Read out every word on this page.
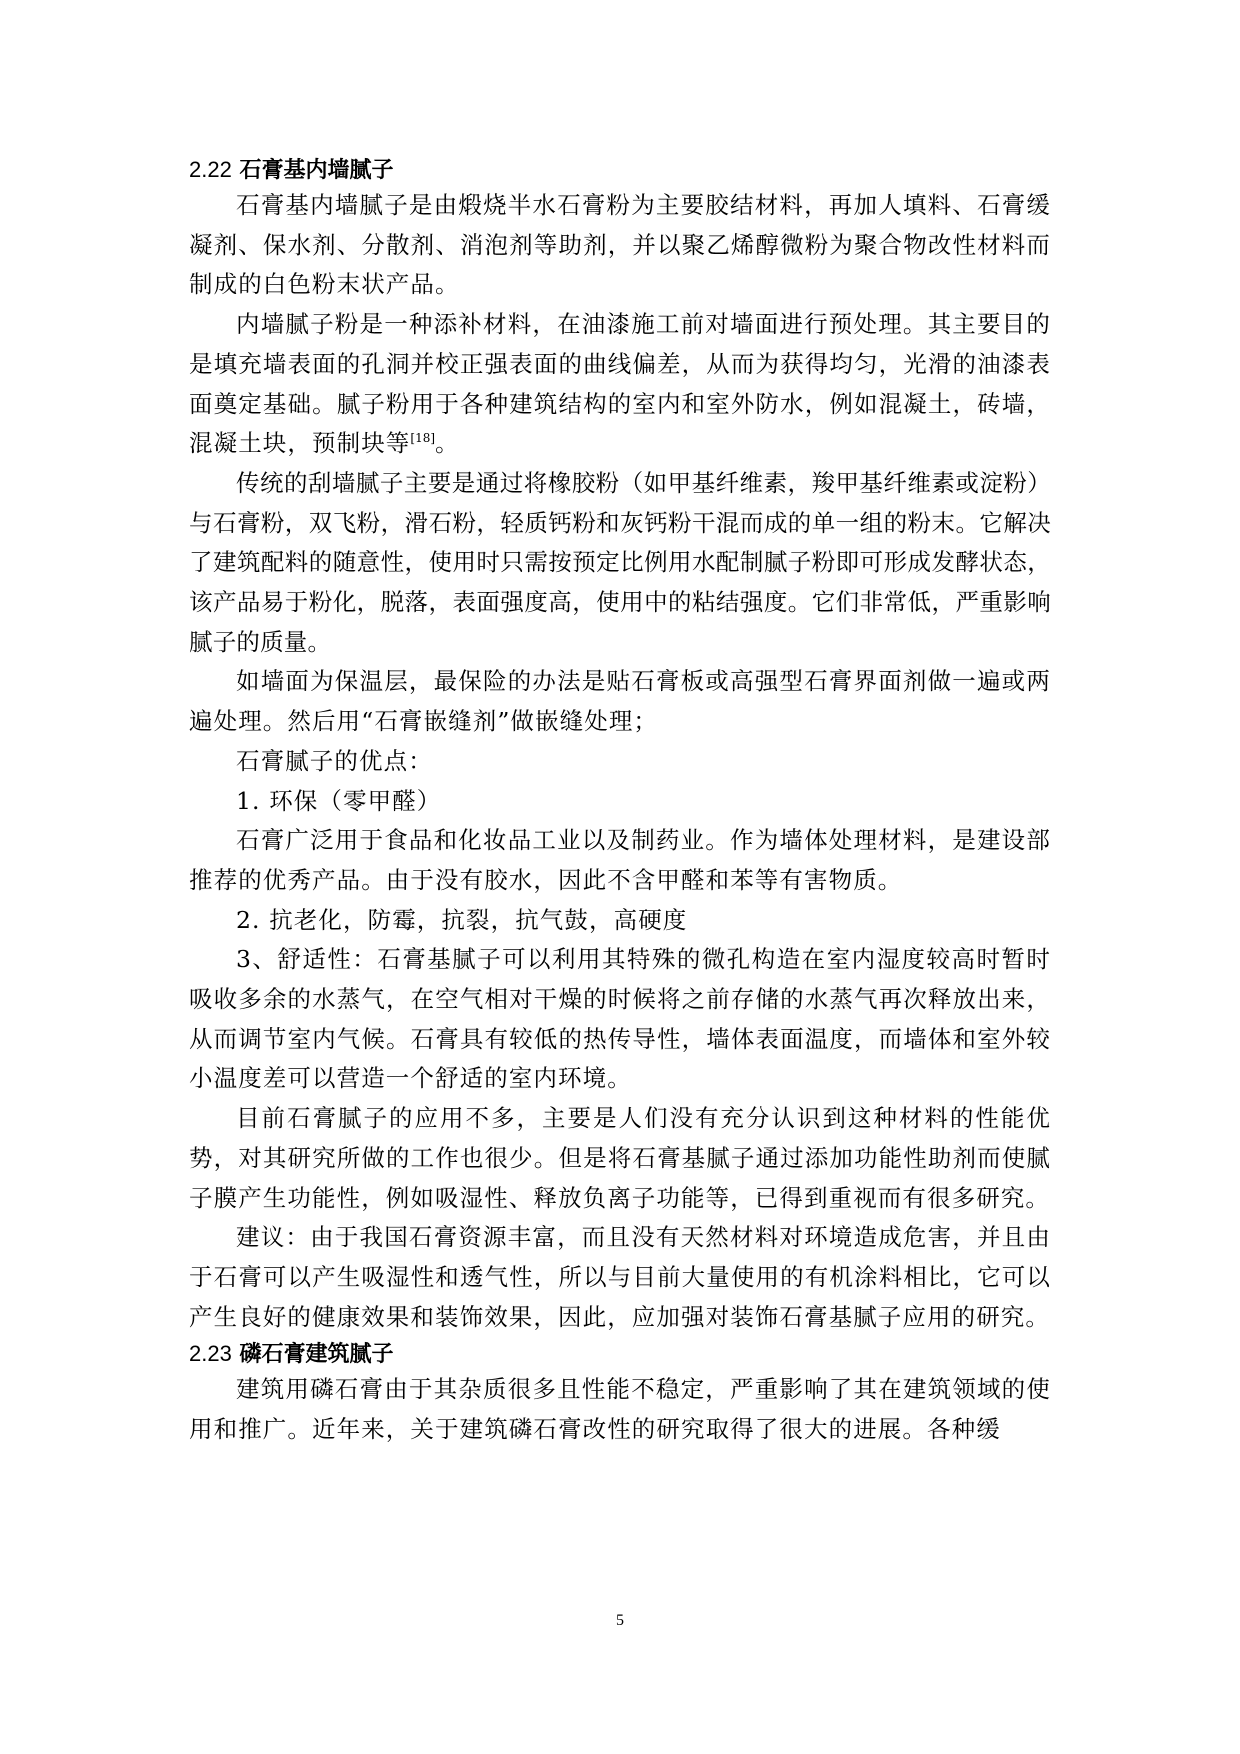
2.22 石膏基内墙腻子

石膏基内墙腻子是由煅烧半水石膏粉为主要胶结材料，再加人填料、石膏缓凝剂、保水剂、分散剂、消泡剂等助剂，并以聚乙烯醇微粉为聚合物改性材料而制成的白色粉末状产品。

内墙腻子粉是一种添补材料，在油漆施工前对墙面进行预处理。其主要目的是填充墙表面的孔洞并校正强表面的曲线偏差，从而为获得均匀，光滑的油漆表面奠定基础。腻子粉用于各种建筑结构的室内和室外防水，例如混凝土，砖墙，混凝土块，预制块等[18]。

传统的刮墙腻子主要是通过将橡胶粉（如甲基纤维素，羧甲基纤维素或淀粉）与石膏粉，双飞粉，滑石粉，轻质钙粉和灰钙粉干混而成的单一组的粉末。它解决了建筑配料的随意性，使用时只需按预定比例用水配制腻子粉即可形成发酵状态，该产品易于粉化，脱落，表面强度高，使用中的粘结强度。它们非常低，严重影响腻子的质量。

如墙面为保温层，最保险的办法是贴石膏板或高强型石膏界面剂做一遍或两遍处理。然后用“石膏嵌缝剂”做嵌缝处理；

石膏腻子的优点：

1. 环保（零甲醛）

石膏广泛用于食品和化妆品工业以及制药业。作为墙体处理材料，是建设部推荐的优秀产品。由于没有胶水，因此不含甲醛和苯等有害物质。

2. 抗老化，防霉，抗裂，抗气鼓，高硬度

3、舒适性：石膏基腻子可以利用其特殊的微孔构造在室内湿度较高时暂时吸收多余的水蒸气，在空气相对干燥的时候将之前存储的水蒸气再次释放出来，从而调节室内气候。石膏具有较低的热传导性，墙体表面温度，而墙体和室外较小温度差可以营造一个舒适的室内环境。

目前石膏腻子的应用不多，主要是人们没有充分认识到这种材料的性能优势，对其研究所做的工作也很少。但是将石膏基腻子通过添加功能性助剂而使腻子膜产生功能性，例如吸湿性、释放负离子功能等，已得到重视而有很多研究。

建议：由于我国石膏资源丰富，而且没有天然材料对环境造成危害，并且由于石膏可以产生吸湿性和透气性，所以与目前大量使用的有机涂料相比，它可以产生良好的健康效果和装饰效果，因此，应加强对装饰石膏基腻子应用的研究。

2.23 磷石膏建筑腻子

建筑用磷石膏由于其杂质很多且性能不稳定，严重影响了其在建筑领域的使用和推广。近年来，关于建筑磷石膏改性的研究取得了很大的进展。各种缓

5
